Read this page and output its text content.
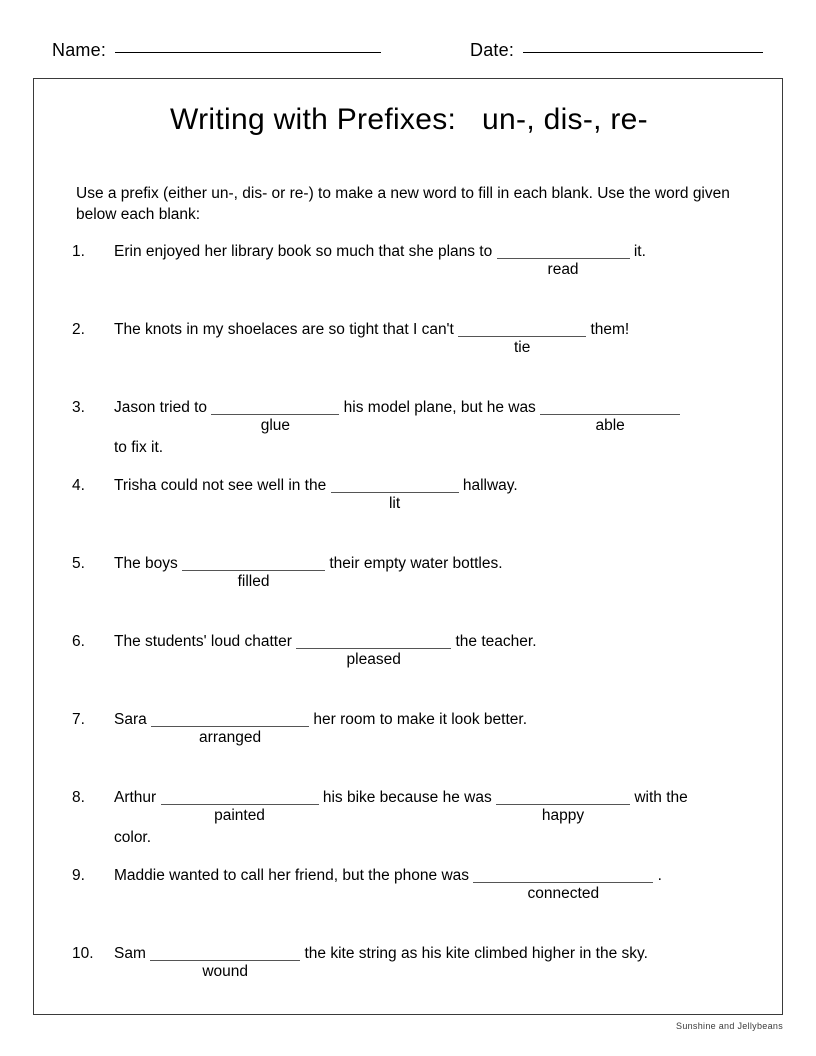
Name:	Date:
Writing with Prefixes:   un-, dis-, re-
Use a prefix (either un-, dis- or re-) to make a new word to fill in each blank. Use the word given below each blank:
1.	Erin enjoyed her library book so much that she plans to
read
it.
2.	The knots in my shoelaces are so tight that I can't
tie
them!
3.	Jason tried to
glue
his model plane, but he was
able
to fix it.
4.	Trisha could not see well in the
lit
hallway.
5.	The boys
filled
their empty water bottles.
6.	The students' loud chatter
pleased
the teacher.
7.	Sara
arranged
her room to make it look better.
8.	Arthur
painted
his bike because he was
happy
with the
color.
9.	Maddie wanted to call her friend, but the phone was
connected
.
10.	Sam
wound
the kite string as his kite climbed higher in the sky.
Sunshine and Jellybeans
